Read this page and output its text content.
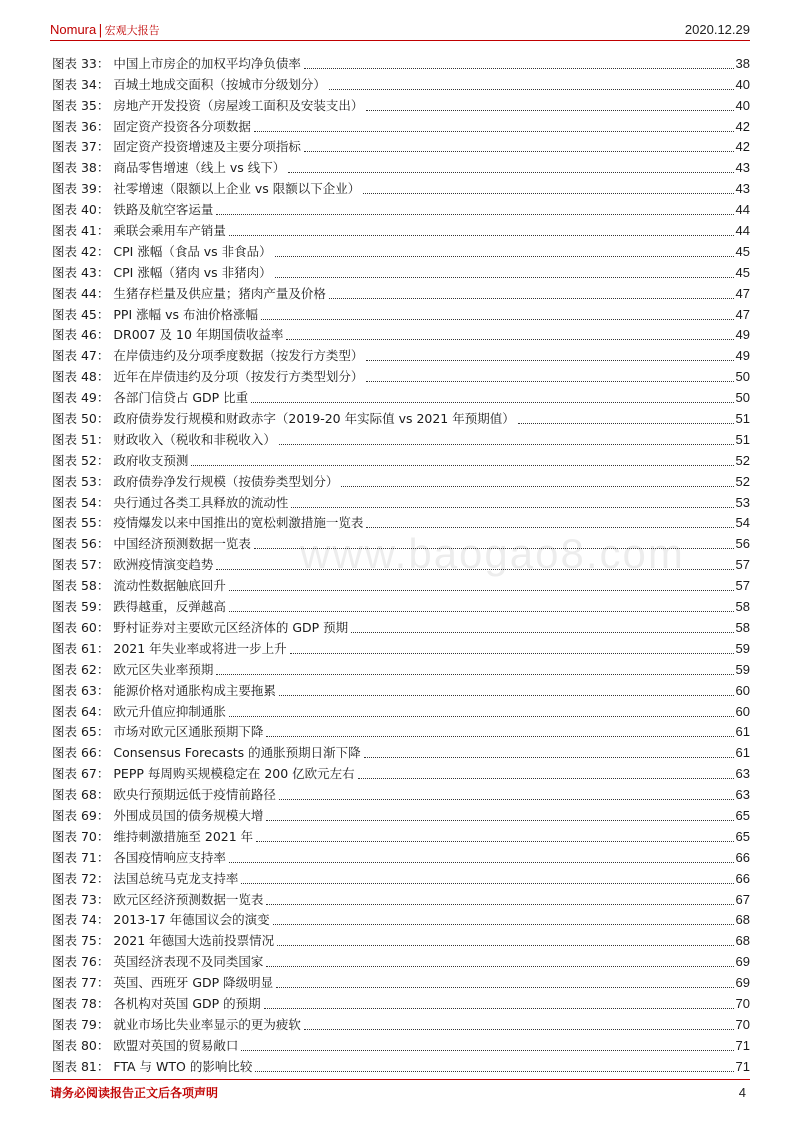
Nomura | 宏观大报告	2020.12.29
图表 33： 中国上市房企的加权平均净负债率	38
图表 34： 百城土地成交面积（按城市分级划分）	40
图表 35： 房地产开发投资（房屋竣工面积及安装支出）	40
图表 36： 固定资产投资各分项数据	42
图表 37： 固定资产投资增速及主要分项指标	42
图表 38： 商品零售增速（线上 vs 线下）	43
图表 39： 社零增速（限额以上企业 vs 限额以下企业）	43
图表 40： 铁路及航空客运量	44
图表 41： 乘联会乘用车产销量	44
图表 42： CPI 涨幅（食品 vs 非食品）	45
图表 43： CPI 涨幅（猪肉 vs 非猪肉）	45
图表 44： 生猪存栏量及供应量；猪肉产量及价格	47
图表 45： PPI 涨幅 vs 布油价格涨幅	47
图表 46： DR007 及 10 年期国债收益率	49
图表 47： 在岸债违约及分项季度数据（按发行方类型）	49
图表 48： 近年在岸债违约及分项（按发行方类型划分）	50
图表 49： 各部门信贷占 GDP 比重	50
图表 50： 政府债券发行规模和财政赤字（2019-20 年实际值 vs 2021 年预期值）	51
图表 51： 财政收入（税收和非税收入）	51
图表 52： 政府收支预测	52
图表 53： 政府债券净发行规模（按债券类型划分）	52
图表 54： 央行通过各类工具释放的流动性	53
图表 55： 疫情爆发以来中国推出的宽松刺激措施一览表	54
图表 56： 中国经济预测数据一览表	56
图表 57： 欧洲疫情演变趋势	57
图表 58： 流动性数据触底回升	57
图表 59： 跌得越重，反弹越高	58
图表 60： 野村证券对主要欧元区经济体的 GDP 预期	58
图表 61： 2021 年失业率或将进一步上升	59
图表 62： 欧元区失业率预期	59
图表 63： 能源价格对通胀构成主要拖累	60
图表 64： 欧元升值应抑制通胀	60
图表 65： 市场对欧元区通胀预期下降	61
图表 66： Consensus Forecasts 的通胀预期日渐下降	61
图表 67： PEPP 每周购买规模稳定在 200 亿欧元左右	63
图表 68： 欧央行预期远低于疫情前路径	63
图表 69： 外围成员国的债务规模大增	65
图表 70： 维持刺激措施至 2021 年	65
图表 71： 各国疫情响应支持率	66
图表 72： 法国总统马克龙支持率	66
图表 73： 欧元区经济预测数据一览表	67
图表 74： 2013-17 年德国议会的演变	68
图表 75： 2021 年德国大选前投票情况	68
图表 76： 英国经济表现不及同类国家	69
图表 77： 英国、西班牙 GDP 降级明显	69
图表 78： 各机构对英国 GDP 的预期	70
图表 79： 就业市场比失业率显示的更为疲软	70
图表 80： 欧盟对英国的贸易敞口	71
图表 81： FTA 与 WTO 的影响比较	71
www.baogao8.com
请务必阅读报告正文后各项声明	4
